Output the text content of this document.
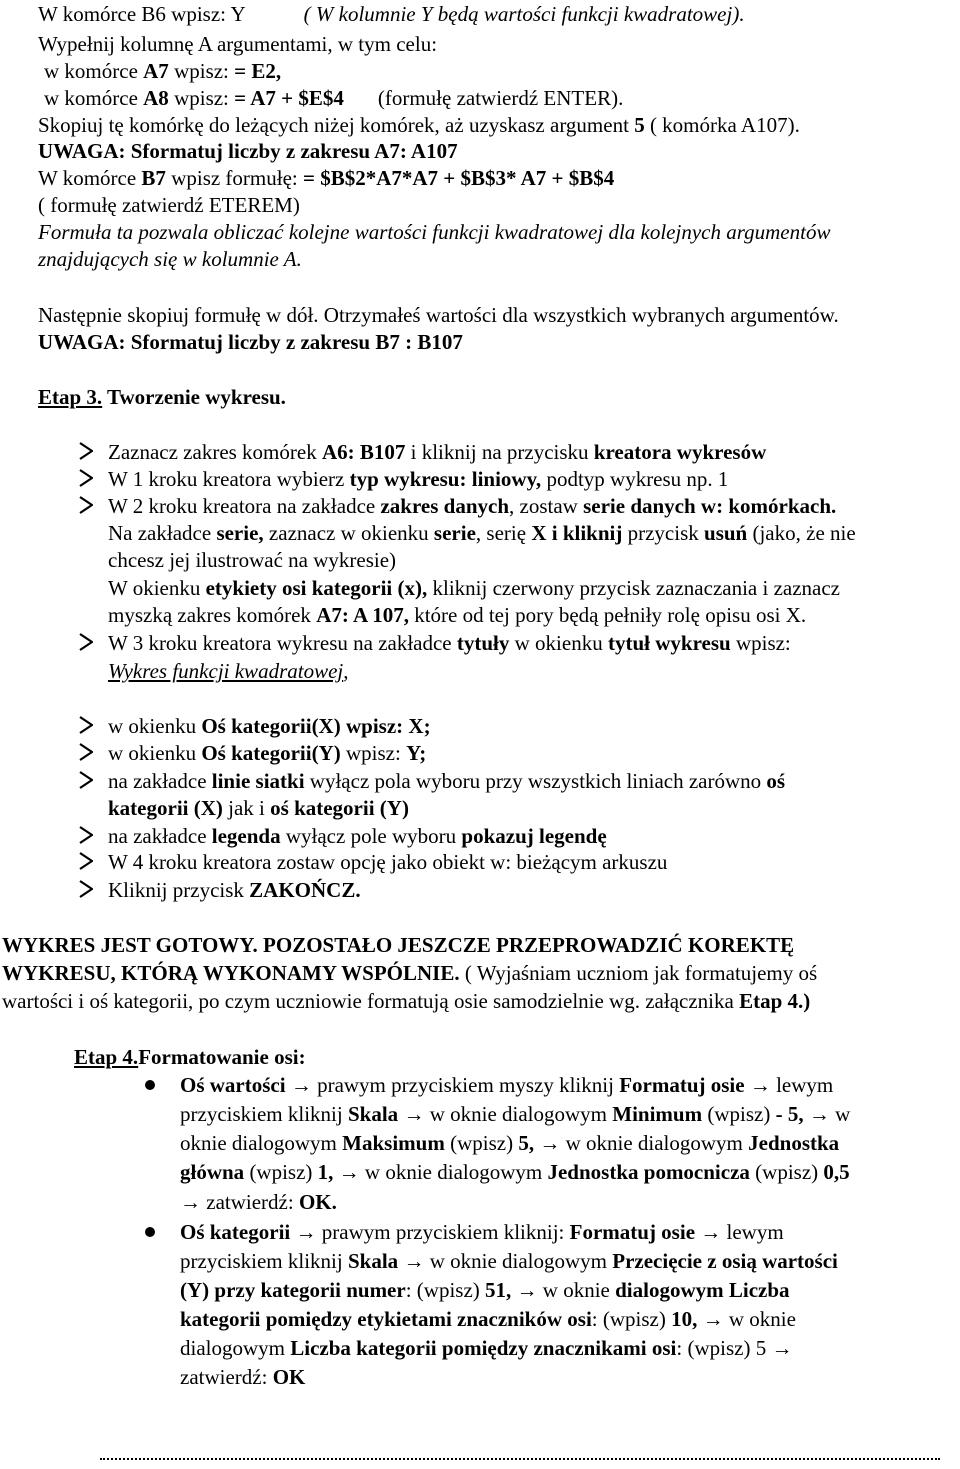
W komórce B6 wpisz: Y	( W kolumnie Y będą wartości funkcji kwadratowej).
Wypełnij kolumnę A argumentami, w tym celu:
w komórce A7 wpisz: = E2,
w komórce A8 wpisz: = A7 + $E$4 (formułę zatwierdź ENTER).
Skopiuj tę komórkę do leżących niżej komórek, aż uzyskasz argument 5 ( komórka A107).
UWAGA: Sformatuj liczby z zakresu A7: A107
W komórce B7 wpisz formułę: = $B$2*A7*A7 + $B$3* A7 + $B$4
( formułę zatwierdź ETEREM)
Formuła ta pozwala obliczać kolejne wartości funkcji kwadratowej dla kolejnych argumentów
znajdujących się w kolumnie A.
Następnie skopiuj formułę w dół. Otrzymałeś wartości dla wszystkich wybranych argumentów.
UWAGA: Sformatuj liczby z zakresu B7 : B107
Etap 3. Tworzenie wykresu.
Zaznacz zakres komórek A6: B107 i kliknij na przycisku kreatora wykresów
W 1 kroku kreatora wybierz typ wykresu: liniowy, podtyp wykresu np. 1
W 2 kroku kreatora na zakładce zakres danych, zostaw serie danych w: komórkach.
Na zakładce serie, zaznacz w okienku serie, serię X i kliknij przycisk usuń (jako, że nie
chcesz jej ilustrować na wykresie)
W okienku etykiety osi kategorii (x), kliknij czerwony przycisk zaznaczania i zaznacz
myszką zakres komórek A7: A 107, które od tej pory będą pełniły rolę opisu osi X.
W 3 kroku kreatora wykresu na zakładce tytuły w okienku tytuł wykresu wpisz:
Wykres funkcji kwadratowej,
w okienku Oś kategorii(X) wpisz: X;
w okienku Oś kategorii(Y) wpisz: Y;
na zakładce linie siatki wyłącz pola wyboru przy wszystkich liniach zarówno oś
kategorii (X) jak i oś kategorii (Y)
na zakładce legenda wyłącz pole wyboru pokazuj legendę
W 4 kroku kreatora zostaw opcję jako obiekt w: bieżącym arkuszu
Kliknij przycisk ZAKOŃCZ.
WYKRES JEST GOTOWY. POZOSTAŁO JESZCZE PRZEPROWADZIĆ KOREKTĘ
WYKRESU, KTÓRĄ WYKONAMY WSPÓLNIE. ( Wyjaśniam uczniom jak formatujemy oś
wartości i oś kategorii, po czym uczniowie formatują osie samodzielnie wg. załącznika Etap 4.)
Etap 4.Formatowanie osi:
Oś wartości → prawym przyciskiem myszy kliknij Formatuj osie → lewym
przyciskiem kliknij Skala → w oknie dialogowym Minimum (wpisz) - 5, → w
oknie dialogowym Maksimum (wpisz) 5, → w oknie dialogowym Jednostka
główna (wpisz) 1, → w oknie dialogowym Jednostka pomocnicza (wpisz) 0,5
→ zatwierdź: OK.
Oś kategorii → prawym przyciskiem kliknij: Formatuj osie → lewym
przyciskiem kliknij Skala → w oknie dialogowym Przecięcie z osią wartości
(Y) przy kategorii numer: (wpisz) 51, → w oknie dialogowym Liczba
kategorii pomiędzy etykietami znaczników osi: (wpisz) 10, → w oknie
dialogowym Liczba kategorii pomiędzy znacznikami osi: (wpisz) 5 →
zatwierdź: OK
